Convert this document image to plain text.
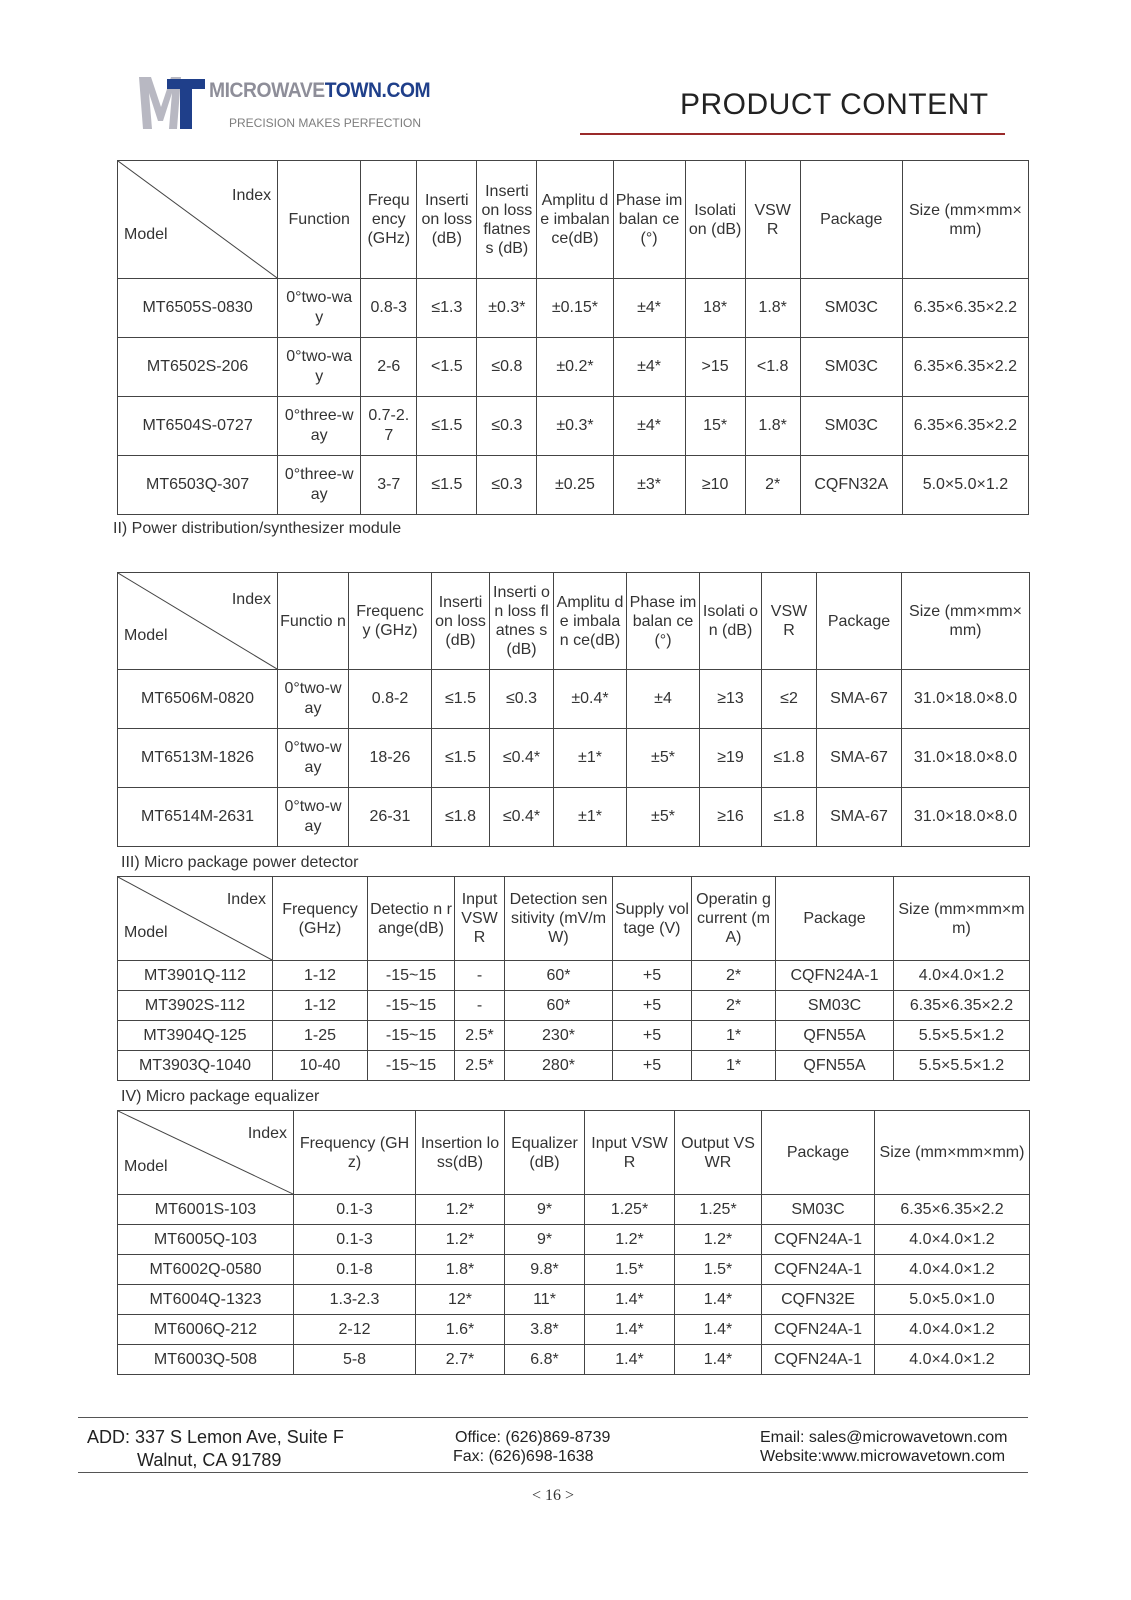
MICROWAVETOWN.COM
PRECISION MAKES PERFECTION
PRODUCT CONTENT
Index
Model	Function	Frequ ency (GHz)	Inserti on loss (dB)	Inserti on loss flatnes s (dB)	Amplitu de imbalan ce(dB)	Phase imbalan ce(°)	Isolati on (dB)	VSW R	Package	Size (mm×mm×mm)
MT6505S-0830	0°two-wa y	0.8-3	≤1.3	±0.3*	±0.15*	±4*	18*	1.8*	SM03C	6.35×6.35×2.2
MT6502S-206	0°two-wa y	2-6	<1.5	≤0.8	±0.2*	±4*	>15	<1.8	SM03C	6.35×6.35×2.2
MT6504S-0727	0°three-w ay	0.7-2. 7	≤1.5	≤0.3	±0.3*	±4*	15*	1.8*	SM03C	6.35×6.35×2.2
MT6503Q-307	0°three-w ay	3-7	≤1.5	≤0.3	±0.25	±3*	≥10	2*	CQFN32A	5.0×5.0×1.2
II) Power distribution/synthesizer module
Index
Model	Functio n	Frequenc y (GHz)	Inserti on loss (dB)	Inserti on loss flatnes s (dB)	Amplitu de imbalan ce(dB)	Phase imbalan ce(°)	Isolati on (dB)	VSW R	Package	Size (mm×mm×mm)
MT6506M-0820	0°two-w ay	0.8-2	≤1.5	≤0.3	±0.4*	±4	≥13	≤2	SMA-67	31.0×18.0×8.0
MT6513M-1826	0°two-w ay	18-26	≤1.5	≤0.4*	±1*	±5*	≥19	≤1.8	SMA-67	31.0×18.0×8.0
MT6514M-2631	0°two-w ay	26-31	≤1.8	≤0.4*	±1*	±5*	≥16	≤1.8	SMA-67	31.0×18.0×8.0
III) Micro package power detector
Index
Model	Frequency (GHz)	Detectio n range(dB)	Input VSW R	Detection sensitivity (mV/mW)	Supply voltage (V)	Operatin g current (mA)	Package	Size (mm×mm×mm)
MT3901Q-112	1-12	-15~15	-	60*	+5	2*	CQFN24A-1	4.0×4.0×1.2
MT3902S-112	1-12	-15~15	-	60*	+5	2*	SM03C	6.35×6.35×2.2
MT3904Q-125	1-25	-15~15	2.5*	230*	+5	1*	QFN55A	5.5×5.5×1.2
MT3903Q-1040	10-40	-15~15	2.5*	280*	+5	1*	QFN55A	5.5×5.5×1.2
IV) Micro package equalizer
Index
Model	Frequency (GHz)	Insertion loss(dB)	Equalizer (dB)	Input VSWR	Output VSWR	Package	Size (mm×mm×mm)
MT6001S-103	0.1-3	1.2*	9*	1.25*	1.25*	SM03C	6.35×6.35×2.2
MT6005Q-103	0.1-3	1.2*	9*	1.2*	1.2*	CQFN24A-1	4.0×4.0×1.2
MT6002Q-0580	0.1-8	1.8*	9.8*	1.5*	1.5*	CQFN24A-1	4.0×4.0×1.2
MT6004Q-1323	1.3-2.3	12*	11*	1.4*	1.4*	CQFN32E	5.0×5.0×1.0
MT6006Q-212	2-12	1.6*	3.8*	1.4*	1.4*	CQFN24A-1	4.0×4.0×1.2
MT6003Q-508	5-8	2.7*	6.8*	1.4*	1.4*	CQFN24A-1	4.0×4.0×1.2
ADD: 337 S Lemon Ave, Suite F
Walnut, CA 91789
Office: (626)869-8739
Fax: (626)698-1638
Email: sales@microwavetown.com
Website:www.microwavetown.com
< 16 >
